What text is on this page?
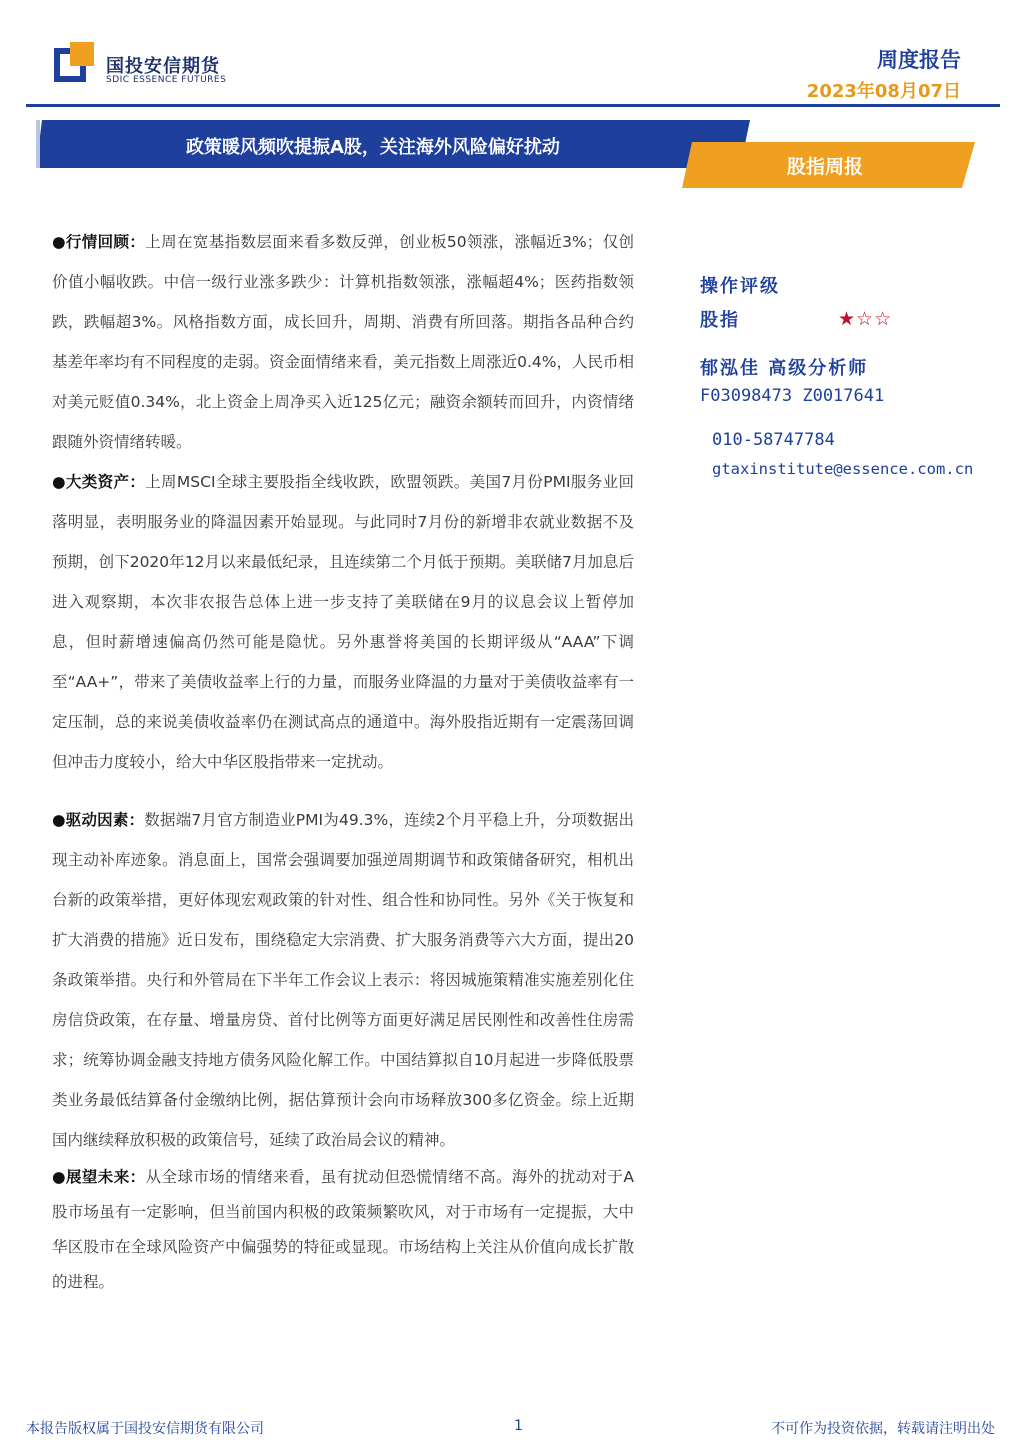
国投安信期货
SDIC ESSENCE FUTURES
周度报告
2023年08月07日
政策暖风频吹提振A股，关注海外风险偏好扰动
股指周报

●行情回顾：上周在宽基指数层面来看多数反弹，创业板50领涨，涨幅近3%；仅创价值小幅收跌。中信一级行业涨多跌少：计算机指数领涨，涨幅超4%；医药指数领跌，跌幅超3%。风格指数方面，成长回升，周期、消费有所回落。期指各品种合约基差年率均有不同程度的走弱。资金面情绪来看，美元指数上周涨近0.4%，人民币相对美元贬值0.34%，北上资金上周净买入近125亿元；融资余额转而回升，内资情绪跟随外资情绪转暖。

●大类资产：上周MSCI全球主要股指全线收跌，欧盟领跌。美国7月份PMI服务业回落明显，表明服务业的降温因素开始显现。与此同时7月份的新增非农就业数据不及预期，创下2020年12月以来最低纪录，且连续第二个月低于预期。美联储7月加息后进入观察期，本次非农报告总体上进一步支持了美联储在9月的议息会议上暂停加息，但时薪增速偏高仍然可能是隐忧。另外惠誉将美国的长期评级从“AAA”下调至“AA+”，带来了美债收益率上行的力量，而服务业降温的力量对于美债收益率有一定压制，总的来说美债收益率仍在测试高点的通道中。海外股指近期有一定震荡回调但冲击力度较小，给大中华区股指带来一定扰动。

●驱动因素：数据端7月官方制造业PMI为49.3%，连续2个月平稳上升，分项数据出现主动补库迹象。消息面上，国常会强调要加强逆周期调节和政策储备研究，相机出台新的政策举措，更好体现宏观政策的针对性、组合性和协同性。另外《关于恢复和扩大消费的措施》近日发布，围绕稳定大宗消费、扩大服务消费等六大方面，提出20条政策举措。央行和外管局在下半年工作会议上表示：将因城施策精准实施差别化住房信贷政策，在存量、增量房贷、首付比例等方面更好满足居民刚性和改善性住房需求；统筹协调金融支持地方债务风险化解工作。中国结算拟自10月起进一步降低股票类业务最低结算备付金缴纳比例，据估算预计会向市场释放300多亿资金。综上近期国内继续释放积极的政策信号，延续了政治局会议的精神。

●展望未来：从全球市场的情绪来看，虽有扰动但恐慌情绪不高。海外的扰动对于A股市场虽有一定影响，但当前国内积极的政策频繁吹风，对于市场有一定提振，大中华区股市在全球风险资产中偏强势的特征或显现。市场结构上关注从价值向成长扩散的进程。

操作评级
股指	★☆☆
郁泓佳 高级分析师
F03098473 Z0017641
010-58747784
gtaxinstitute@essence.com.cn
本报告版权属于国投安信期货有限公司	1	不可作为投资依据，转载请注明出处
